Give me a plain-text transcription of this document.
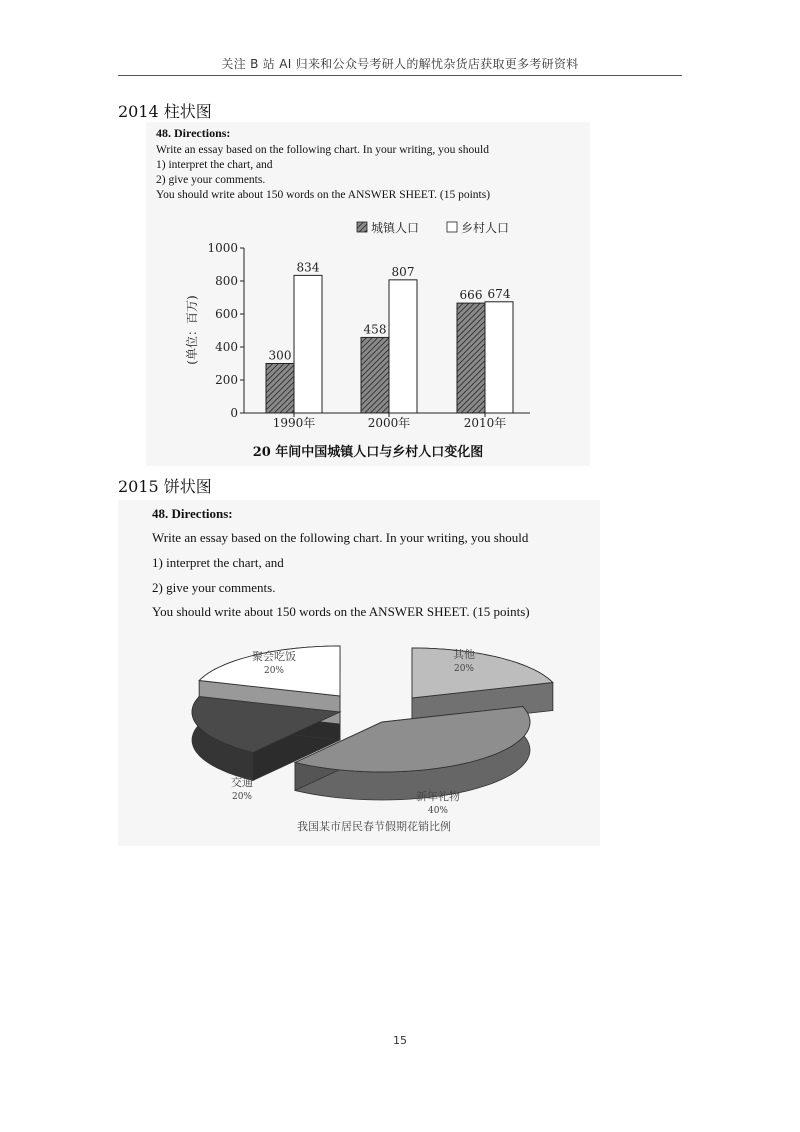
关注 B 站 AI 归来和公众号考研人的解忧杂货店获取更多考研资料
2014 柱状图
48. Directions:
Write an essay based on the following chart. In your writing, you should
1) interpret the chart, and
2) give your comments.
You should write about 150 words on the ANSWER SHEET. (15 points)
0
200
400
600
800
1000
(单位：百万)
城镇人口	乡村人口
300
834
1990年
458
807
2000年
666 674
2010年
20 年间中国城镇人口与乡村人口变化图
2015 饼状图
48. Directions:
Write an essay based on the following chart. In your writing, you should
1) interpret the chart, and
2) give your comments.
You should write about 150 words on the ANSWER SHEET. (15 points)
其他
20%
新年礼物
40%
交通
20%
聚会吃饭
20%
我国某市居民春节假期花销比例
15
